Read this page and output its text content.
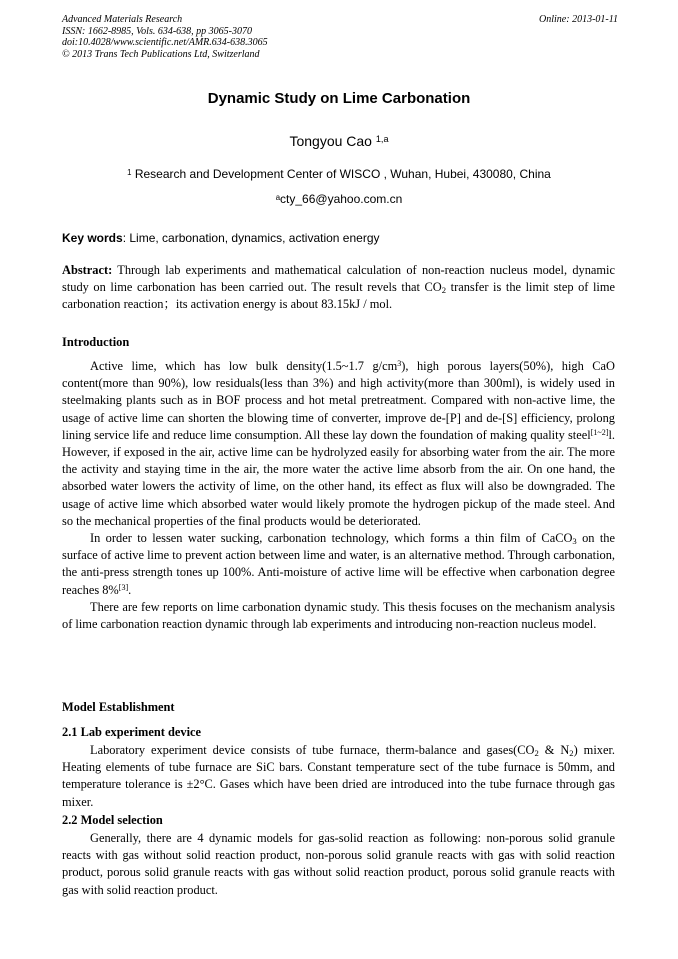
Advanced Materials Research
ISSN: 1662-8985, Vols. 634-638, pp 3065-3070
doi:10.4028/www.scientific.net/AMR.634-638.3065
© 2013 Trans Tech Publications Ltd, Switzerland
Online: 2013-01-11
Dynamic Study on Lime Carbonation
Tongyou Cao $^{1,a}$
$^1$ Research and Development Center of WISCO , Wuhan, Hubei, 430080, China
$^a$cty_66@yahoo.com.cn
Key words: Lime, carbonation, dynamics, activation energy

Abstract: Through lab experiments and mathematical calculation of non-reaction nucleus model, dynamic study on lime carbonation has been carried out. The result revels that $CO_2$ transfer is the limit step of lime carbonation reaction；its activation energy is about 83.15kJ / mol.

Introduction

Active lime, which has low bulk density(1.5~1.7 $g/cm^3$), high porous layers(50%), high CaO content(more than 90%), low residuals(less than 3%) and high activity(more than 300ml), is widely used in steelmaking plants such as in BOF process and hot metal pretreatment. Compared with non-active lime, the usage of active lime can shorten the blowing time of converter, improve de-[P] and de-[S] efficiency, prolong lining service life and reduce lime consumption. All these lay down the foundation of making quality steel[1~2]l. However, if exposed in the air, active lime can be hydrolyzed easily for absorbing water from the air. The more the activity and staying time in the air, the more water the active lime absorb from the air. On one hand, the absorbed water lowers the activity of lime, on the other hand, its effect as flux will also be downgraded. The usage of active lime which absorbed water would likely promote the hydrogen pickup of the made steel. And so the mechanical properties of the final products would be deteriorated.

In order to lessen water sucking, carbonation technology, which forms a thin film of CaCO$_3$ on the surface of active lime to prevent action between lime and water, is an alternative method. Through carbonation, the anti-press strength tones up 100%. Anti-moisture of active lime will be effective when carbonation degree reaches 8%[3].

There are few reports on lime carbonation dynamic study. This thesis focuses on the mechanism analysis of lime carbonation reaction dynamic through lab experiments and introducing non-reaction nucleus model.

Model Establishment
2.1 Lab experiment device

Laboratory experiment device consists of tube furnace, therm-balance and $gases(CO_2$ & $N_2$) mixer. Heating elements of tube furnace are SiC bars. Constant temperature sect of the tube furnace is 50mm, and temperature tolerance is ±2°C. Gases which have been dried are introduced into the tube furnace through gas mixer.

2.2 Model selection

Generally, there are 4 dynamic models for gas-solid reaction as following: non-porous solid granule reacts with gas without solid reaction product, non-porous solid granule reacts with gas with solid reaction product, porous solid granule reacts with gas without solid reaction product, porous solid granule reacts with gas with solid reaction product.
